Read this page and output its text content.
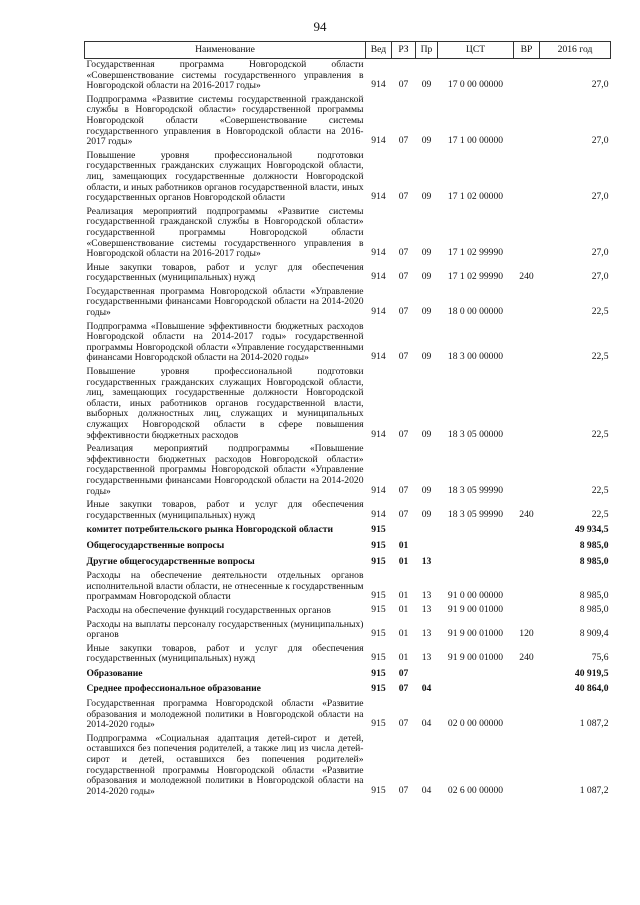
94
Наименование	Вед	РЗ	Пр	ЦСТ	ВР	2016 год
Государственная программа Новгородской области «Совершенствование системы государственного управления в Новгородской области на 2016-2017 годы»	914	07	09	17 0 00 00000		27,0
Подпрограмма «Развитие системы государственной гражданской службы в Новгородской области» государственной программы Новгородской области «Совершенствование системы государственного управления в Новгородской области на 2016-2017 годы»	914	07	09	17 1 00 00000		27,0
Повышение уровня профессиональной подготовки государственных гражданских служащих Новгородской области, лиц, замещающих государственные должности Новгородской области, и иных работников органов государственной власти, иных государственных органов Новгородской области	914	07	09	17 1 02 00000		27,0
Реализация мероприятий подпрограммы «Развитие системы государственной гражданской службы в Новгородской области» государственной программы Новгородской области «Совершенствование системы государственного управления в Новгородской области на 2016-2017 годы»	914	07	09	17 1 02 99990		27,0
Иные закупки товаров, работ и услуг для обеспечения государственных (муниципальных) нужд	914	07	09	17 1 02 99990	240	27,0
Государственная программа Новгородской области «Управление государственными финансами Новгородской области на 2014-2020 годы»	914	07	09	18 0 00 00000		22,5
Подпрограмма «Повышение эффективности бюджетных расходов Новгородской области на 2014-2017 годы» государственной программы Новгородской области «Управление государственными финансами Новгородской области на 2014-2020 годы»	914	07	09	18 3 00 00000		22,5
Повышение уровня профессиональной подготовки государственных гражданских служащих Новгородской области, лиц, замещающих государственные должности Новгородской области, иных работников органов государственной власти, выборных должностных лиц, служащих и муниципальных служащих Новгородской области в сфере повышения эффективности бюджетных расходов	914	07	09	18 3 05 00000		22,5
Реализация мероприятий подпрограммы «Повышение эффективности бюджетных расходов Новгородской области» государственной программы Новгородской области «Управление государственными финансами Новгородской области на 2014-2020 годы»	914	07	09	18 3 05 99990		22,5
Иные закупки товаров, работ и услуг для обеспечения государственных (муниципальных) нужд	914	07	09	18 3 05 99990	240	22,5
комитет потребительского рынка Новгородской области	915					49 934,5
Общегосударственные вопросы	915	01				8 985,0
Другие общегосударственные вопросы	915	01	13			8 985,0
Расходы на обеспечение деятельности отдельных органов исполнительной власти области, не отнесенные к государственным программам Новгородской области	915	01	13	91 0 00 00000		8 985,0
Расходы на обеспечение функций государственных органов	915	01	13	91 9 00 01000		8 985,0
Расходы на выплаты персоналу государственных (муниципальных) органов	915	01	13	91 9 00 01000	120	8 909,4
Иные закупки товаров, работ и услуг для обеспечения государственных (муниципальных) нужд	915	01	13	91 9 00 01000	240	75,6
Образование	915	07				40 919,5
Среднее профессиональное образование	915	07	04			40 864,0
Государственная программа Новгородской области «Развитие образования и молодежной политики в Новгородской области на 2014-2020 годы»	915	07	04	02 0 00 00000		1 087,2
Подпрограмма «Социальная адаптация детей-сирот и детей, оставшихся без попечения родителей, а также лиц из числа детей-сирот и детей, оставшихся без попечения родителей» государственной программы Новгородской области «Развитие образования и молодежной политики в Новгородской области на 2014-2020 годы»	915	07	04	02 6 00 00000		1 087,2
